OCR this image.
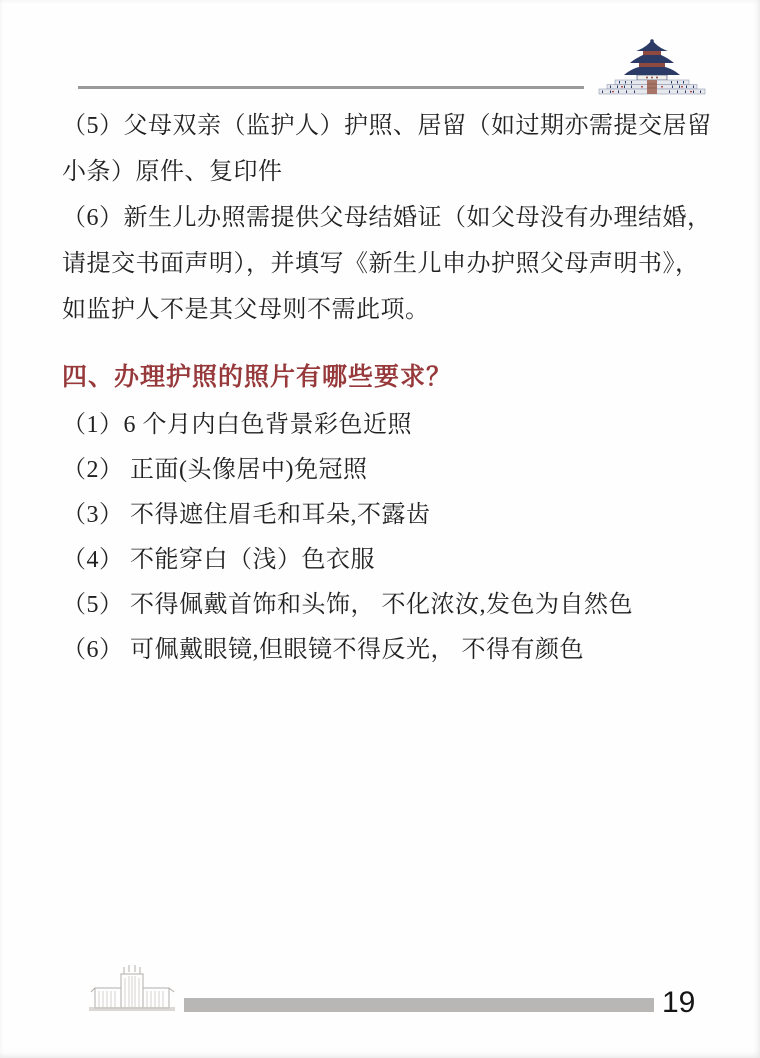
（5）父母双亲（监护人）护照、居留（如过期亦需提交居留
小条）原件、复印件
（6）新生儿办照需提供父母结婚证（如父母没有办理结婚，
请提交书面声明），并填写《新生儿申办护照父母声明书》，
如监护人不是其父母则不需此项。
四、办理护照的照片有哪些要求？
（1）6 个月内白色背景彩色近照
（2） 正面(头像居中)免冠照
（3） 不得遮住眉毛和耳朵,不露齿
（4） 不能穿白（浅）色衣服
（5） 不得佩戴首饰和头饰， 不化浓汝,发色为自然色
（6） 可佩戴眼镜,但眼镜不得反光， 不得有颜色
19
